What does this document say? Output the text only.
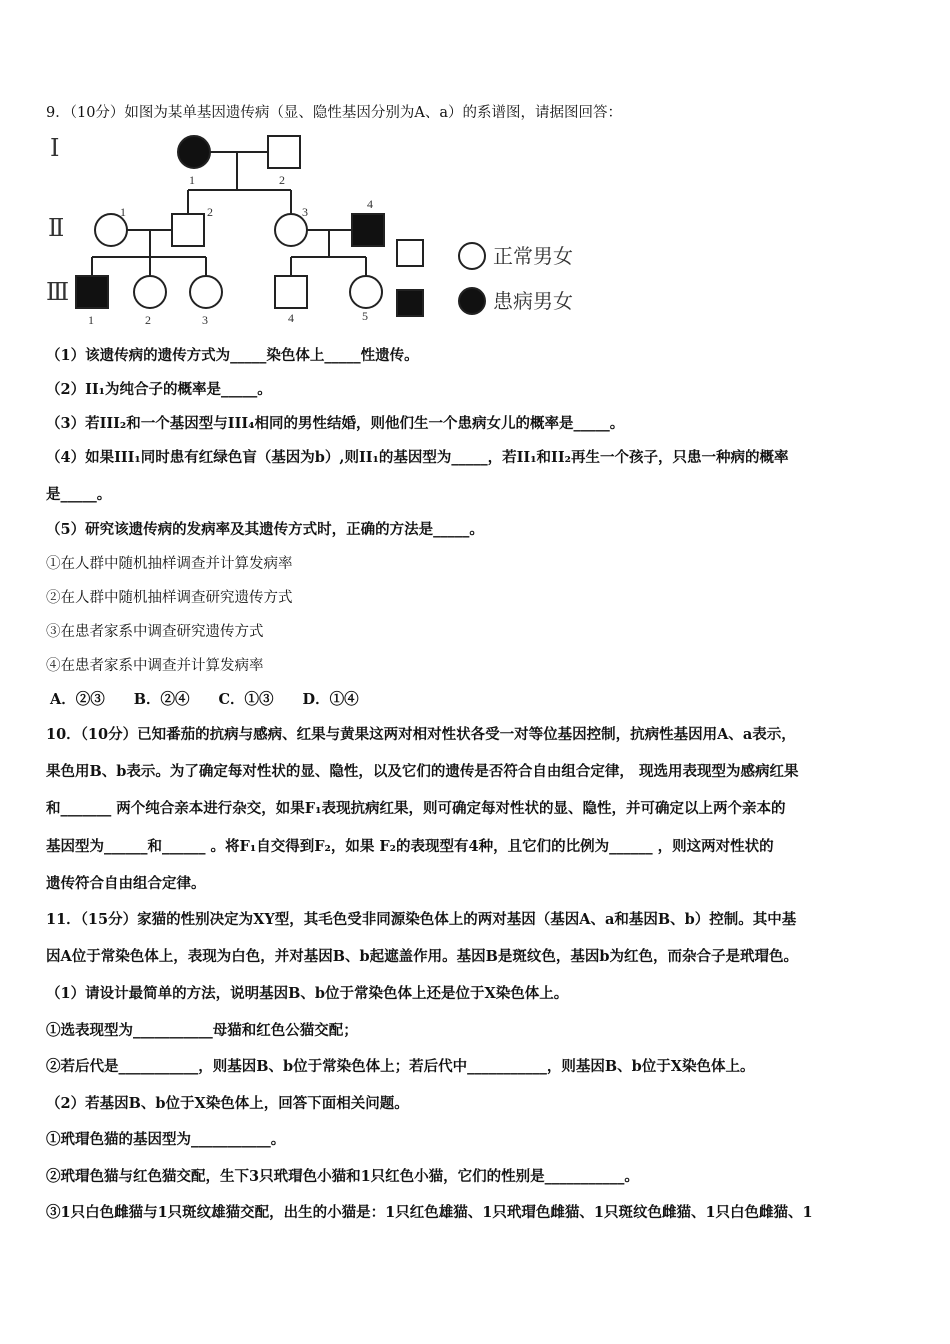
9．（10分）如图为某单基因遗传病（显、隐性基因分别为A、a）的系谱图，请据图回答：
Ⅰ
Ⅱ
Ⅲ
1	2
1	2	3
4
1	2	3	4	5
正常男女
患病男女
（1）该遗传病的遗传方式为_____染色体上_____性遗传。
（2）II₁为纯合子的概率是_____。
（3）若III₂和一个基因型与III₄相同的男性结婚，则他们生一个患病女儿的概率是_____。
（4）如果III₁同时患有红绿色盲（基因为b）,则II₁的基因型为_____，若II₁和II₂再生一个孩子，只患一种病的概率
是_____。
（5）研究该遗传病的发病率及其遗传方式时，正确的方法是_____。
①在人群中随机抽样调查并计算发病率
②在人群中随机抽样调查研究遗传方式
③在患者家系中调查研究遗传方式
④在患者家系中调查并计算发病率
A．②③　　B．②④　　C．①③　　D．①④
10．（10分）已知番茄的抗病与感病、红果与黄果这两对相对性状各受一对等位基因控制，抗病性基因用A、a表示，
果色用B、b表示。为了确定每对性状的显、隐性，以及它们的遗传是否符合自由组合定律， 现选用表现型为感病红果
和_______ 两个纯合亲本进行杂交，如果F₁表现抗病红果，则可确定每对性状的显、隐性，并可确定以上两个亲本的
基因型为______和______ 。将F₁自交得到F₂，如果 F₂的表现型有4种，且它们的比例为______ ，则这两对性状的
遗传符合自由组合定律。
11．（15分）家猫的性别决定为XY型，其毛色受非同源染色体上的两对基因（基因A、a和基因B、b）控制。其中基
因A位于常染色体上，表现为白色，并对基因B、b起遮盖作用。基因B是斑纹色，基因b为红色，而杂合子是玳瑁色。
（1）请设计最简单的方法，说明基因B、b位于常染色体上还是位于X染色体上。
①选表现型为___________母猫和红色公猫交配；
②若后代是___________，则基因B、b位于常染色体上；若后代中___________，则基因B、b位于X染色体上。
（2）若基因B、b位于X染色体上，回答下面相关问题。
①玳瑁色猫的基因型为___________。
②玳瑁色猫与红色猫交配，生下3只玳瑁色小猫和1只红色小猫，它们的性别是___________。
③1只白色雌猫与1只斑纹雄猫交配，出生的小猫是：1只红色雄猫、1只玳瑁色雌猫、1只斑纹色雌猫、1只白色雌猫、1
